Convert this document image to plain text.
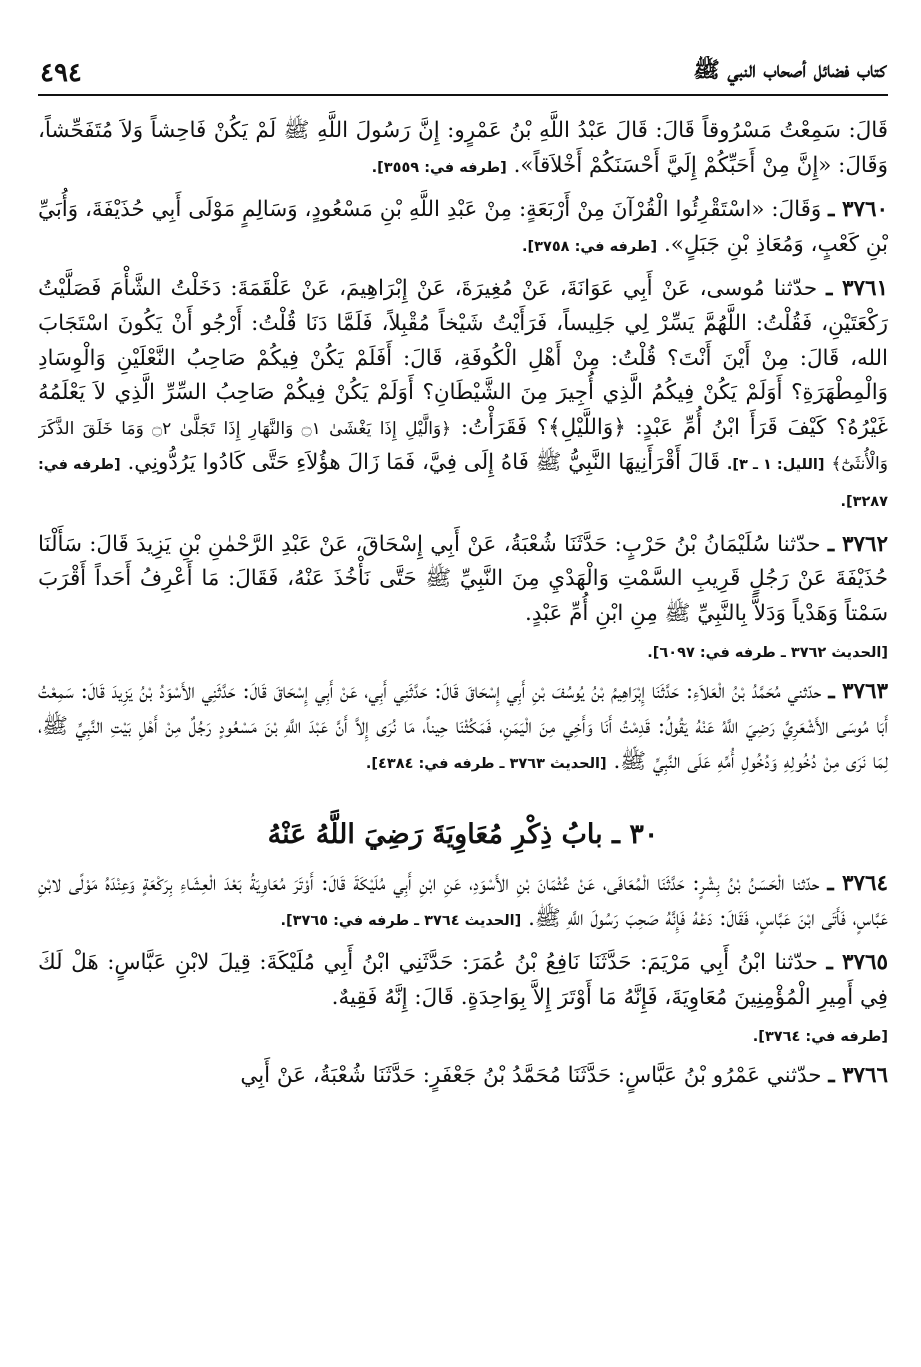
كتاب فضائل أصحاب النبي ﷺ
٤٩٤

قَالَ: سَمِعْتُ مَسْرُوقاً قَالَ: قَالَ عَبْدُ اللَّهِ بْنُ عَمْرٍو: إِنَّ رَسُولَ اللَّهِ ﷺ لَمْ يَكُنْ فَاحِشاً وَلاَ مُتَفَحِّشاً، وَقَالَ: «إِنَّ مِنْ أَحَبِّكُمْ إِلَيَّ أَحْسَنَكُمْ أَخْلاَقاً». [طرفه في: ٣٥٥٩].

٣٧٦٠ ـ وَقَالَ: «اسْتَقْرِئُوا الْقُرْآنَ مِنْ أَرْبَعَةٍ: مِنْ عَبْدِ اللَّهِ بْنِ مَسْعُودٍ، وَسَالِمٍ مَوْلَى أَبِي حُذَيْفَةَ، وَأُبَيِّ بْنِ كَعْبٍ، وَمُعَاذِ بْنِ جَبَلٍ». [طرفه في: ٣٧٥٨].

٣٧٦١ ـ حدّثنا مُوسى، عَنْ أَبِي عَوَانَةَ، عَنْ مُغِيرَةَ، عَنْ إِبْرَاهِيمَ، عَنْ عَلْقَمَةَ: دَخَلْتُ الشَّأْمَ فَصَلَّيْتُ رَكْعَتَيْنِ، فَقُلْتُ: اللَّهُمَّ يَسِّرْ لِي جَلِيساً، فَرَأَيْتُ شَيْخاً مُقْبِلاً، فَلَمَّا دَنَا قُلْتُ: أَرْجُو أَنْ يَكُونَ اسْتَجَابَ الله، قَالَ: مِنْ أَيْنَ أَنْتَ؟ قُلْتُ: مِنْ أَهْلِ الْكُوفَةِ، قَالَ: أَفَلَمْ يَكُنْ فِيكُمْ صَاحِبُ النَّعْلَيْنِ وَالْوِسَادِ وَالْمِطْهَرَةِ؟ أَوَلَمْ يَكُنْ فِيكُمُ الَّذِي أُجِيرَ مِنَ الشَّيْطَانِ؟ أَوَلَمْ يَكُنْ فِيكُمْ صَاحِبُ السِّرِّ الَّذِي لاَ يَعْلَمُهُ غَيْرُهُ؟ كَيْفَ قَرَأَ ابْنُ أُمِّ عَبْدٍ: ﴿وَاللَّيْلِ﴾؟ فَقَرَأْتُ: ﴿وَالَّيْلِ إِذَا يَغْشَىٰ ۝١ وَالنَّهَارِ إِذَا تَجَلَّىٰ ۝٢ وَمَا خَلَقَ الذَّكَرَ وَالْأُنثَىٰٓ﴾ [الليل: ١ ـ ٣]. قَالَ أَقْرَأَنِيهَا النَّبِيُّ ﷺ فَاهُ إِلَى فِيَّ، فَمَا زَالَ هؤُلاَءِ حَتَّى كَادُوا يَرُدُّونِي. [طرفه في: ٣٢٨٧].

٣٧٦٢ ـ حدّثنا سُلَيْمَانُ بْنُ حَرْبٍ: حَدَّثَنَا شُعْبَةُ، عَنْ أَبِي إِسْحَاقَ، عَنْ عَبْدِ الرَّحْمٰنِ بْنِ يَزِيدَ قَالَ: سَأَلْنَا حُذَيْفَةَ عَنْ رَجُلٍ قَرِيبِ السَّمْتِ وَالْهَدْيِ مِنَ النَّبِيِّ ﷺ حَتَّى نَأْخُذَ عَنْهُ، فَقَالَ: مَا أَعْرِفُ أَحَداً أَقْرَبَ سَمْتاً وَهَدْياً وَدَلاًّ بِالنَّبِيِّ ﷺ مِنِ ابْنِ أُمِّ عَبْدٍ.

[الحديث ٣٧٦٢ ـ طرفه في: ٦٠٩٧].

٣٧٦٣ ـ حدّثني مُحَمَّدُ بْنُ الْعَلاَءِ: حَدَّثَنَا إِبْرَاهِيمُ بْنُ يُوسُفَ بْنِ أَبِي إِسْحَاقَ قَالَ: حَدَّثَنِي أَبِي، عَنْ أَبِي إِسْحَاقَ قَالَ: حَدَّثَنِي الأَسْوَدُ بْنُ يَزِيدَ قَالَ: سَمِعْتُ أَبَا مُوسَى الأَشْعَرِيَّ رَضِيَ اللَّهُ عَنْهُ يَقُولُ: قَدِمْتُ أَنَا وَأَخِي مِنَ الْيَمَنِ، فَمَكُثْنَا حِيناً، مَا نُرَى إِلاَّ أَنَّ عَبْدَ اللَّهِ بْنَ مَسْعُودٍ رَجُلٌ مِنْ أَهْلِ بَيْتِ النَّبِيِّ ﷺ، لِمَا نَرَى مِنْ دُخُولِهِ وَدُخُولِ أُمِّهِ عَلَى النَّبِيِّ ﷺ. [الحديث ٣٧٦٣ ـ طرفه في: ٤٣٨٤].

٣٠ ـ بابُ ذِكْرِ مُعَاوِيَةَ رَضِيَ اللَّهُ عَنْهُ

٣٧٦٤ ـ حدّثنا الْحَسَنُ بْنُ بِشْرٍ: حَدَّثَنَا الْمُعَافَى، عَنْ عُثْمَانَ بْنِ الأَسْوَدِ، عَنِ ابْنِ أَبِي مُلَيْكَةَ قَالَ: أَوْتَرَ مُعَاوِيَةُ بَعْدَ الْعِشَاءِ بِرَكْعَةٍ وَعِنْدَهُ مَوْلًى لابْنِ عَبَّاسٍ، فَأَتَى ابْنَ عَبَّاسٍ، فَقَالَ: دَعْهُ فَإِنَّهُ صَحِبَ رَسُولَ اللَّهِ ﷺ. [الحديث ٣٧٦٤ ـ طرفه في: ٣٧٦٥].

٣٧٦٥ ـ حدّثنا ابْنُ أَبِي مَرْيَمَ: حَدَّثَنَا نَافِعُ بْنُ عُمَرَ: حَدَّثَنِي ابْنُ أَبِي مُلَيْكَةَ: قِيلَ لابْنِ عَبَّاسٍ: هَلْ لَكَ فِي أَمِيرِ الْمُؤْمِنِينَ مُعَاوِيَةَ، فَإِنَّهُ مَا أَوْتَرَ إِلاَّ بِوَاحِدَةٍ. قَالَ: إِنَّهُ فَقِيهٌ.

[طرفه في: ٣٧٦٤].

٣٧٦٦ ـ حدّثني عَمْرُو بْنُ عَبَّاسٍ: حَدَّثَنَا مُحَمَّدُ بْنُ جَعْفَرٍ: حَدَّثَنَا شُعْبَةُ، عَنْ أَبِي
